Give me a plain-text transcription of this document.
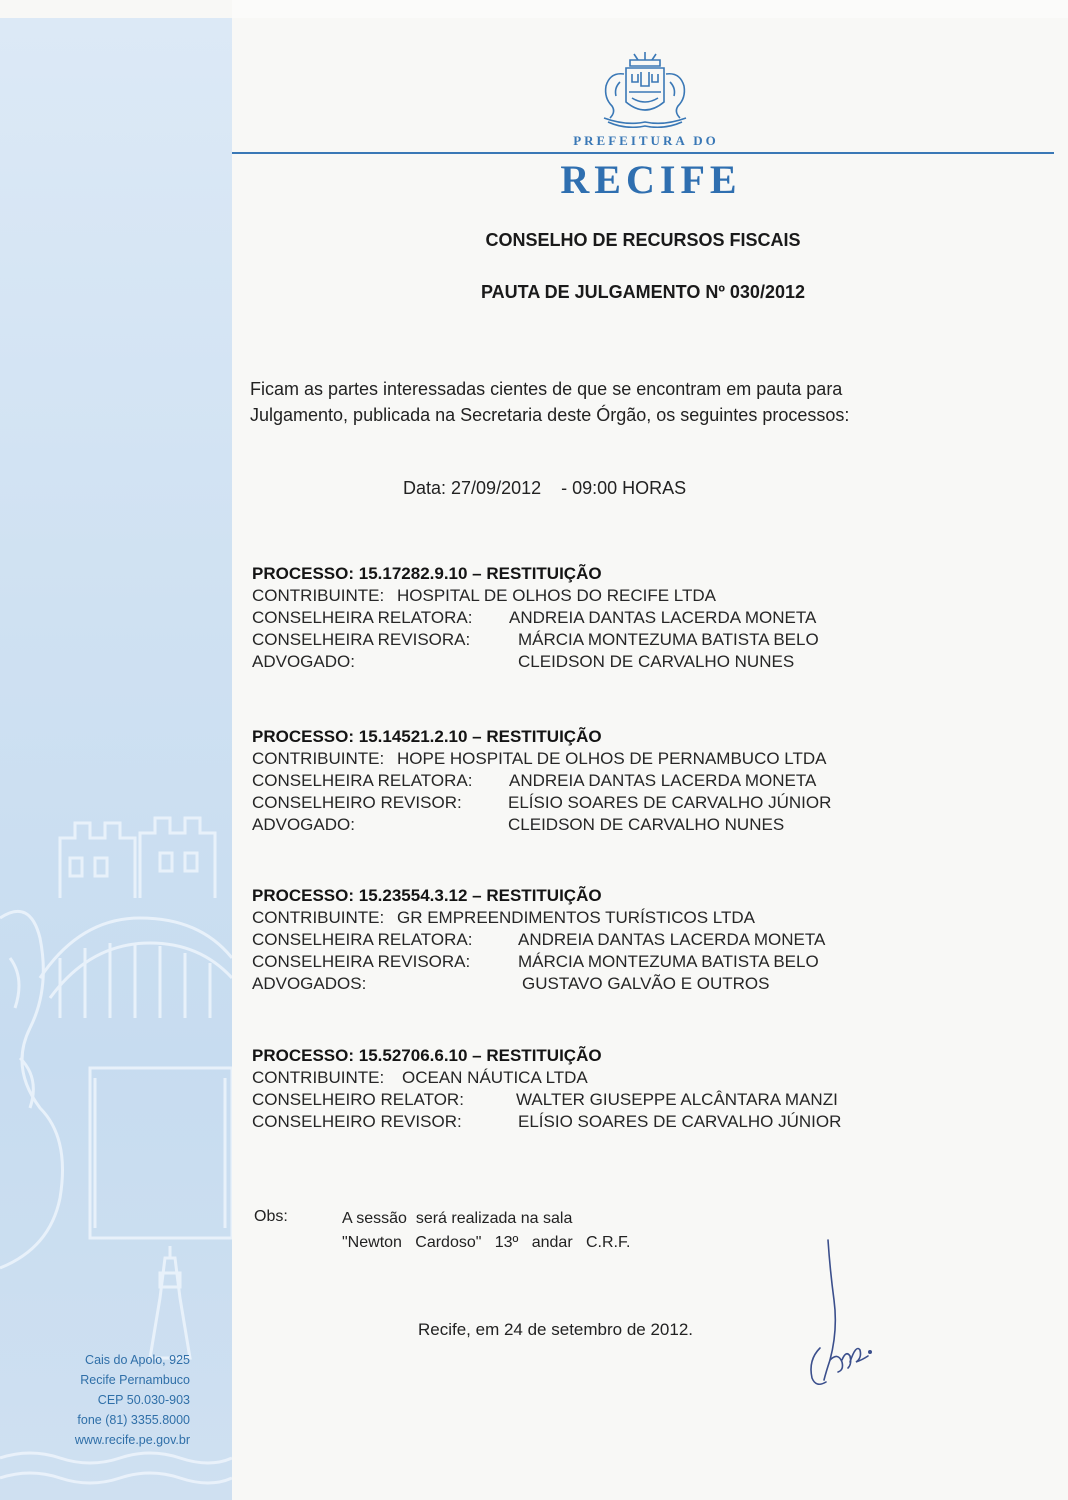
PREFEITURA DO
RECIFE
CONSELHO DE RECURSOS FISCAIS
PAUTA DE JULGAMENTO Nº 030/2012
Ficam as partes interessadas cientes de que se encontram em pauta para
Julgamento, publicada na Secretaria deste Órgão, os seguintes processos:
Data: 27/09/2012 - 09:00 HORAS
PROCESSO: 15.17282.9.10 – RESTITUIÇÃO
CONTRIBUINTE: HOSPITAL DE OLHOS DO RECIFE LTDA
CONSELHEIRA RELATORA: ANDREIA DANTAS LACERDA MONETA
CONSELHEIRA REVISORA:	MÁRCIA MONTEZUMA BATISTA BELO
ADVOGADO:	CLEIDSON DE CARVALHO NUNES
PROCESSO: 15.14521.2.10 – RESTITUIÇÃO
CONTRIBUINTE: HOPE HOSPITAL DE OLHOS DE PERNAMBUCO LTDA
CONSELHEIRA RELATORA: ANDREIA DANTAS LACERDA MONETA
CONSELHEIRO REVISOR:	ELÍSIO SOARES DE CARVALHO JÚNIOR
ADVOGADO:	CLEIDSON DE CARVALHO NUNES
PROCESSO: 15.23554.3.12 – RESTITUIÇÃO
CONTRIBUINTE: GR EMPREENDIMENTOS TURÍSTICOS LTDA
CONSELHEIRA RELATORA:	ANDREIA DANTAS LACERDA MONETA
CONSELHEIRA REVISORA:	MÁRCIA MONTEZUMA BATISTA BELO
ADVOGADOS:	GUSTAVO GALVÃO E OUTROS
PROCESSO: 15.52706.6.10 – RESTITUIÇÃO
CONTRIBUINTE: OCEAN NÁUTICA LTDA
CONSELHEIRO RELATOR:	WALTER GIUSEPPE ALCÂNTARA MANZI
CONSELHEIRO REVISOR:	ELÍSIO SOARES DE CARVALHO JÚNIOR
Obs:	A sessão  será realizada na sala
"Newton   Cardoso"   13º   andar   C.R.F.
Recife, em 24 de setembro de 2012.
Cais do Apolo, 925
Recife Pernambuco
CEP 50.030-903
fone (81) 3355.8000
www.recife.pe.gov.br
